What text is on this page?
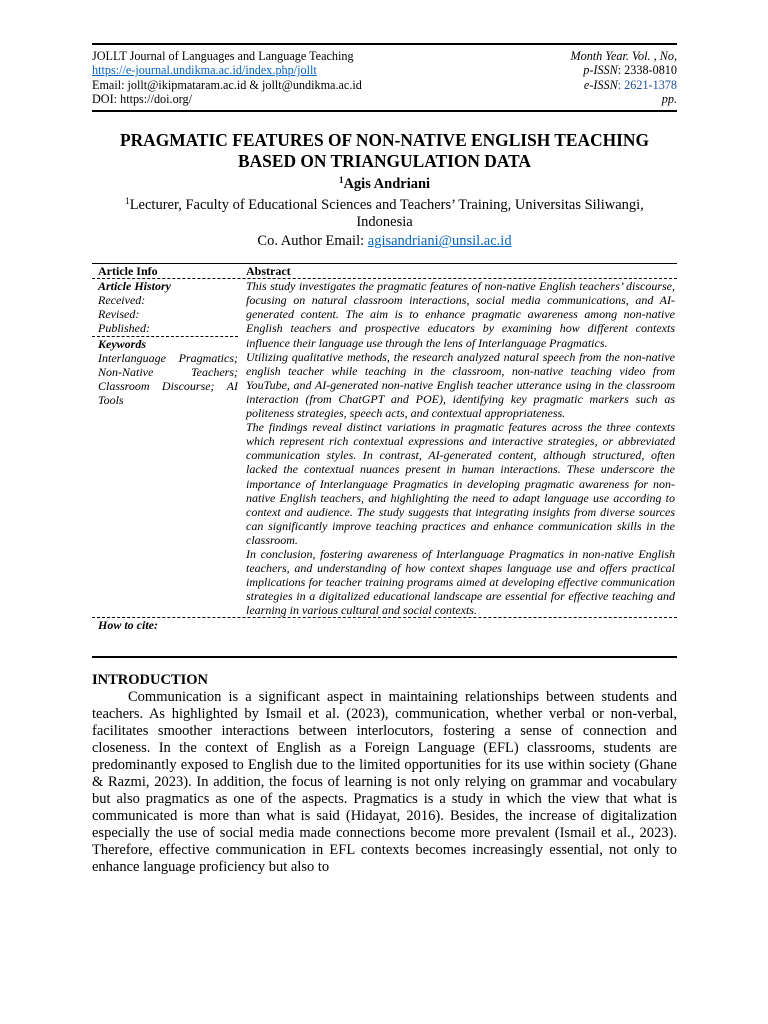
JOLLT Journal of Languages and Language Teaching
https://e-journal.undikma.ac.id/index.php/jollt
Email: jollt@ikipmataram.ac.id & jollt@undikma.ac.id
DOI: https://doi.org/
Month Year. Vol. , No,
p-ISSN: 2338-0810
e-ISSN: 2621-1378
pp.
PRAGMATIC FEATURES OF NON-NATIVE ENGLISH TEACHING
BASED ON TRIANGULATION DATA
$^1$Agis Andriani
$^1$Lecturer, Faculty of Educational Sciences and Teachers’ Training, Universitas Siliwangi,
Indonesia
Co. Author Email: agisandriani@unsil.ac.id
Article Info	Abstract
Article History
Received:
Revised:
Published:
Keywords
Interlanguage Pragmatics; Non-Native Teachers; Classroom Discourse; AI Tools

This study investigates the pragmatic features of non-native English teachers’ discourse, focusing on natural classroom interactions, social media communications, and AI-generated content. The aim is to enhance pragmatic awareness among non-native English teachers and prospective educators by examining how different contexts influence their language use through the lens of Interlanguage Pragmatics.

Utilizing qualitative methods, the research analyzed natural speech from the non-native english teacher while teaching in the classroom, non-native teaching video from YouTube, and AI-generated non-native English teacher utterance using in the classroom interaction (from ChatGPT and POE), identifying key pragmatic markers such as politeness strategies, speech acts, and contextual appropriateness.

The findings reveal distinct variations in pragmatic features across the three contexts which represent rich contextual expressions and interactive strategies, or abbreviated communication styles. In contrast, AI-generated content, although structured, often lacked the contextual nuances present in human interactions. These underscore the importance of Interlanguage Pragmatics in developing pragmatic awareness for non-native English teachers, and highlighting the need to adapt language use according to context and audience. The study suggests that integrating insights from diverse sources can significantly improve teaching practices and enhance communication skills in the classroom.

In conclusion, fostering awareness of Interlanguage Pragmatics in non-native English teachers, and understanding of how context shapes language use and offers practical implications for teacher training programs aimed at developing effective communication strategies in a digitalized educational landscape are essential for effective teaching and learning in various cultural and social contexts.

How to cite:
INTRODUCTION

Communication is a significant aspect in maintaining relationships between students and teachers. As highlighted by Ismail et al. (2023), communication, whether verbal or non-verbal, facilitates smoother interactions between interlocutors, fostering a sense of connection and closeness. In the context of English as a Foreign Language (EFL) classrooms, students are predominantly exposed to English due to the limited opportunities for its use within society (Ghane & Razmi, 2023). In addition, the focus of learning is not only relying on grammar and vocabulary but also pragmatics as one of the aspects. Pragmatics is a study in which the view that what is communicated is more than what is said (Hidayat, 2016). Besides, the increase of digitalization especially the use of social media made connections become more prevalent (Ismail et al., 2023). Therefore, effective communication in EFL contexts becomes increasingly essential, not only to enhance language proficiency but also to
